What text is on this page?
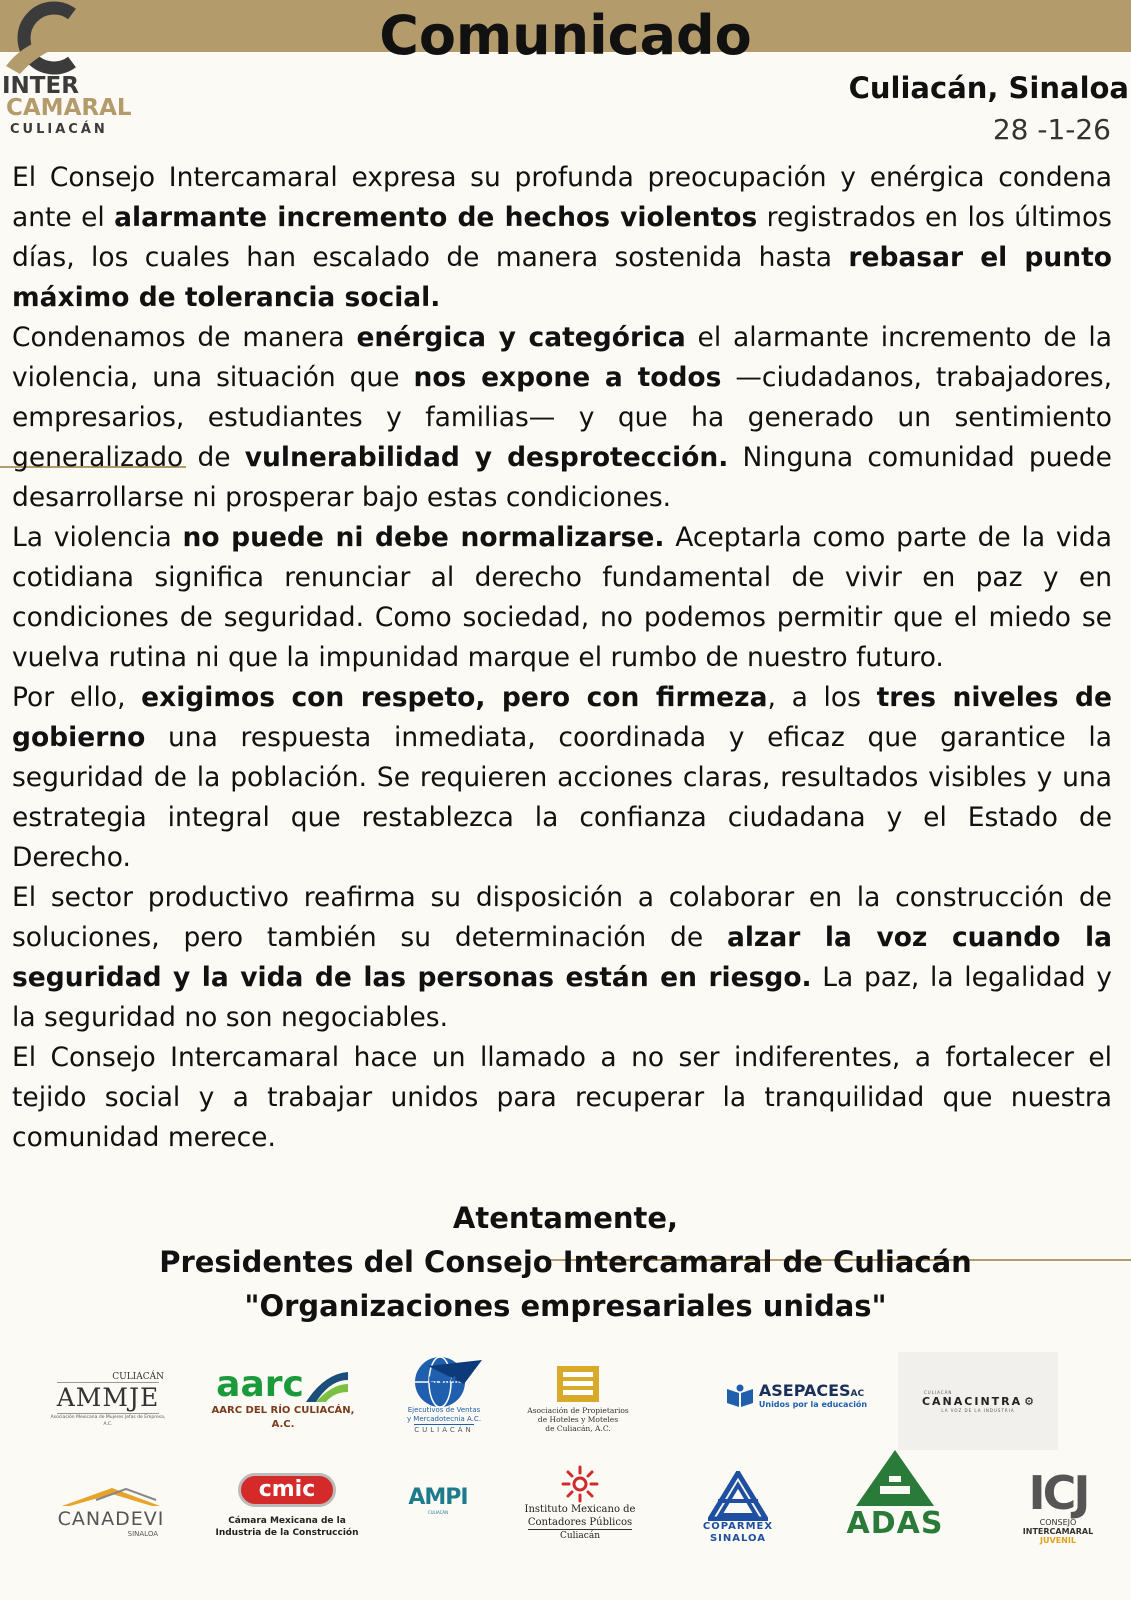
Comunicado
INTER
CAMARAL
CULIACÁN
Culiacán, Sinaloa
28 -1-26

El Consejo Intercamaral expresa su profunda preocupación y enérgica condena ante el alarmante incremento de hechos violentos registrados en los últimos días, los cuales han escalado de manera sostenida hasta rebasar el punto máximo de tolerancia social.

Condenamos de manera enérgica y categórica el alarmante incremento de la violencia, una situación que nos expone a todos —ciudadanos, trabajadores, empresarios, estudiantes y familias— y que ha generado un sentimiento generalizado de vulnerabilidad y desprotección. Ninguna comunidad puede desarrollarse ni prosperar bajo estas condiciones.

La violencia no puede ni debe normalizarse. Aceptarla como parte de la vida cotidiana significa renunciar al derecho fundamental de vivir en paz y en condiciones de seguridad. Como sociedad, no podemos permitir que el miedo se vuelva rutina ni que la impunidad marque el rumbo de nuestro futuro.

Por ello, exigimos con respeto, pero con firmeza, a los tres niveles de gobierno una respuesta inmediata, coordinada y eficaz que garantice la seguridad de la población. Se requieren acciones claras, resultados visibles y una estrategia integral que restablezca la confianza ciudadana y el Estado de Derecho.

El sector productivo reafirma su disposición a colaborar en la construcción de soluciones, pero también su determinación de alzar la voz cuando la seguridad y la vida de las personas están en riesgo. La paz, la legalidad y la seguridad no son negociables.

El Consejo Intercamaral hace un llamado a no ser indiferentes, a fortalecer el tejido social y a trabajar unidos para recuperar la tranquilidad que nuestra comunidad merece.

Atentamente,
Presidentes del Consejo Intercamaral de Culiacán
"Organizaciones empresariales unidas"
CULIACÁN
AMMJE
Asociación Mexicana de Mujeres Jefas de Empresa, A.C.
aarc
AARC DEL RÍO CULIACÁN, A.C.
E.V.M.
Ejecutivos de Ventas
y Mercadotecnia A.C.
CULIACÁN
Asociación de Propietarios
de Hoteles y Moteles
de Culiacán, A.C.
ASEPACES AC
Unidos por la educación
CULIACÁN
CANACINTRA ⚙
LA VOZ DE LA INDUSTRIA
CANADEVI
SINALOA
cmic
Cámara Mexicana de la
Industria de la Construcción
AMPI
CULIACÁN	Instituto Mexicano de
Contadores Públicos
Culiacán
COPARMEX
SINALOA	ADAS
ICJ
CONSEJO
INTERCAMARAL
JUVENIL
